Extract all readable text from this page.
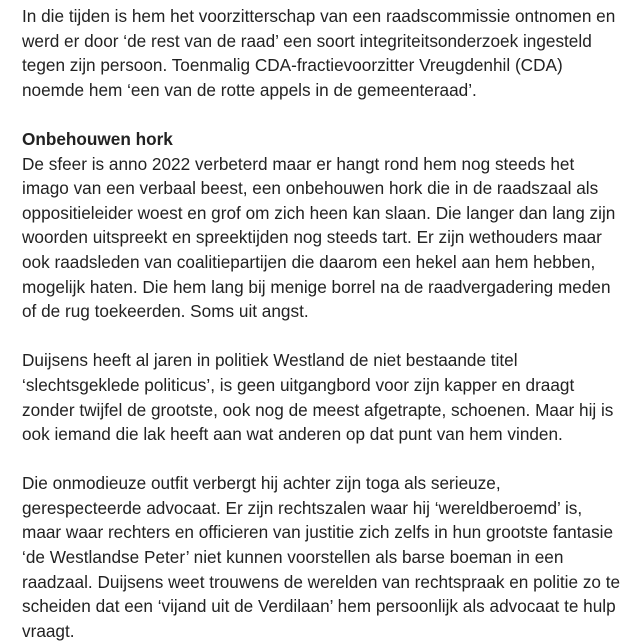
In die tijden is hem het voorzitterschap van een raadscommissie ontnomen en werd er door ‘de rest van de raad’ een soort integriteitsonderzoek ingesteld tegen zijn persoon. Toenmalig CDA-fractievoorzitter Vreugdenhil (CDA) noemde hem ‘een van de rotte appels in de gemeenteraad’.

Onbehouwen hork

De sfeer is anno 2022 verbeterd maar er hangt rond hem nog steeds het imago van een verbaal beest, een onbehouwen hork die in de raadszaal als oppositieleider woest en grof om zich heen kan slaan. Die langer dan lang zijn woorden uitspreekt en spreektijden nog steeds tart. Er zijn wethouders maar ook raadsleden van coalitiepartijen die daarom een hekel aan hem hebben, mogelijk haten. Die hem lang bij menige borrel na de raadvergadering meden of de rug toekeerden. Soms uit angst.

Duijsens heeft al jaren in politiek Westland de niet bestaande titel ‘slechtsgeklede politicus’, is geen uitgangbord voor zijn kapper en draagt zonder twijfel de grootste, ook nog de meest afgetrapte, schoenen. Maar hij is ook iemand die lak heeft aan wat anderen op dat punt van hem vinden.

Die onmodieuze outfit verbergt hij achter zijn toga als serieuze, gerespecteerde advocaat. Er zijn rechtszalen waar hij ‘wereldberoemd’ is, maar waar rechters en officieren van justitie zich zelfs in hun grootste fantasie ‘de Westlandse Peter’ niet kunnen voorstellen als barse boeman in een raadzaal. Duijsens weet trouwens de werelden van rechtspraak en politie zo te scheiden dat een ‘vijand uit de Verdilaan’ hem persoonlijk als advocaat te hulp vraagt.
